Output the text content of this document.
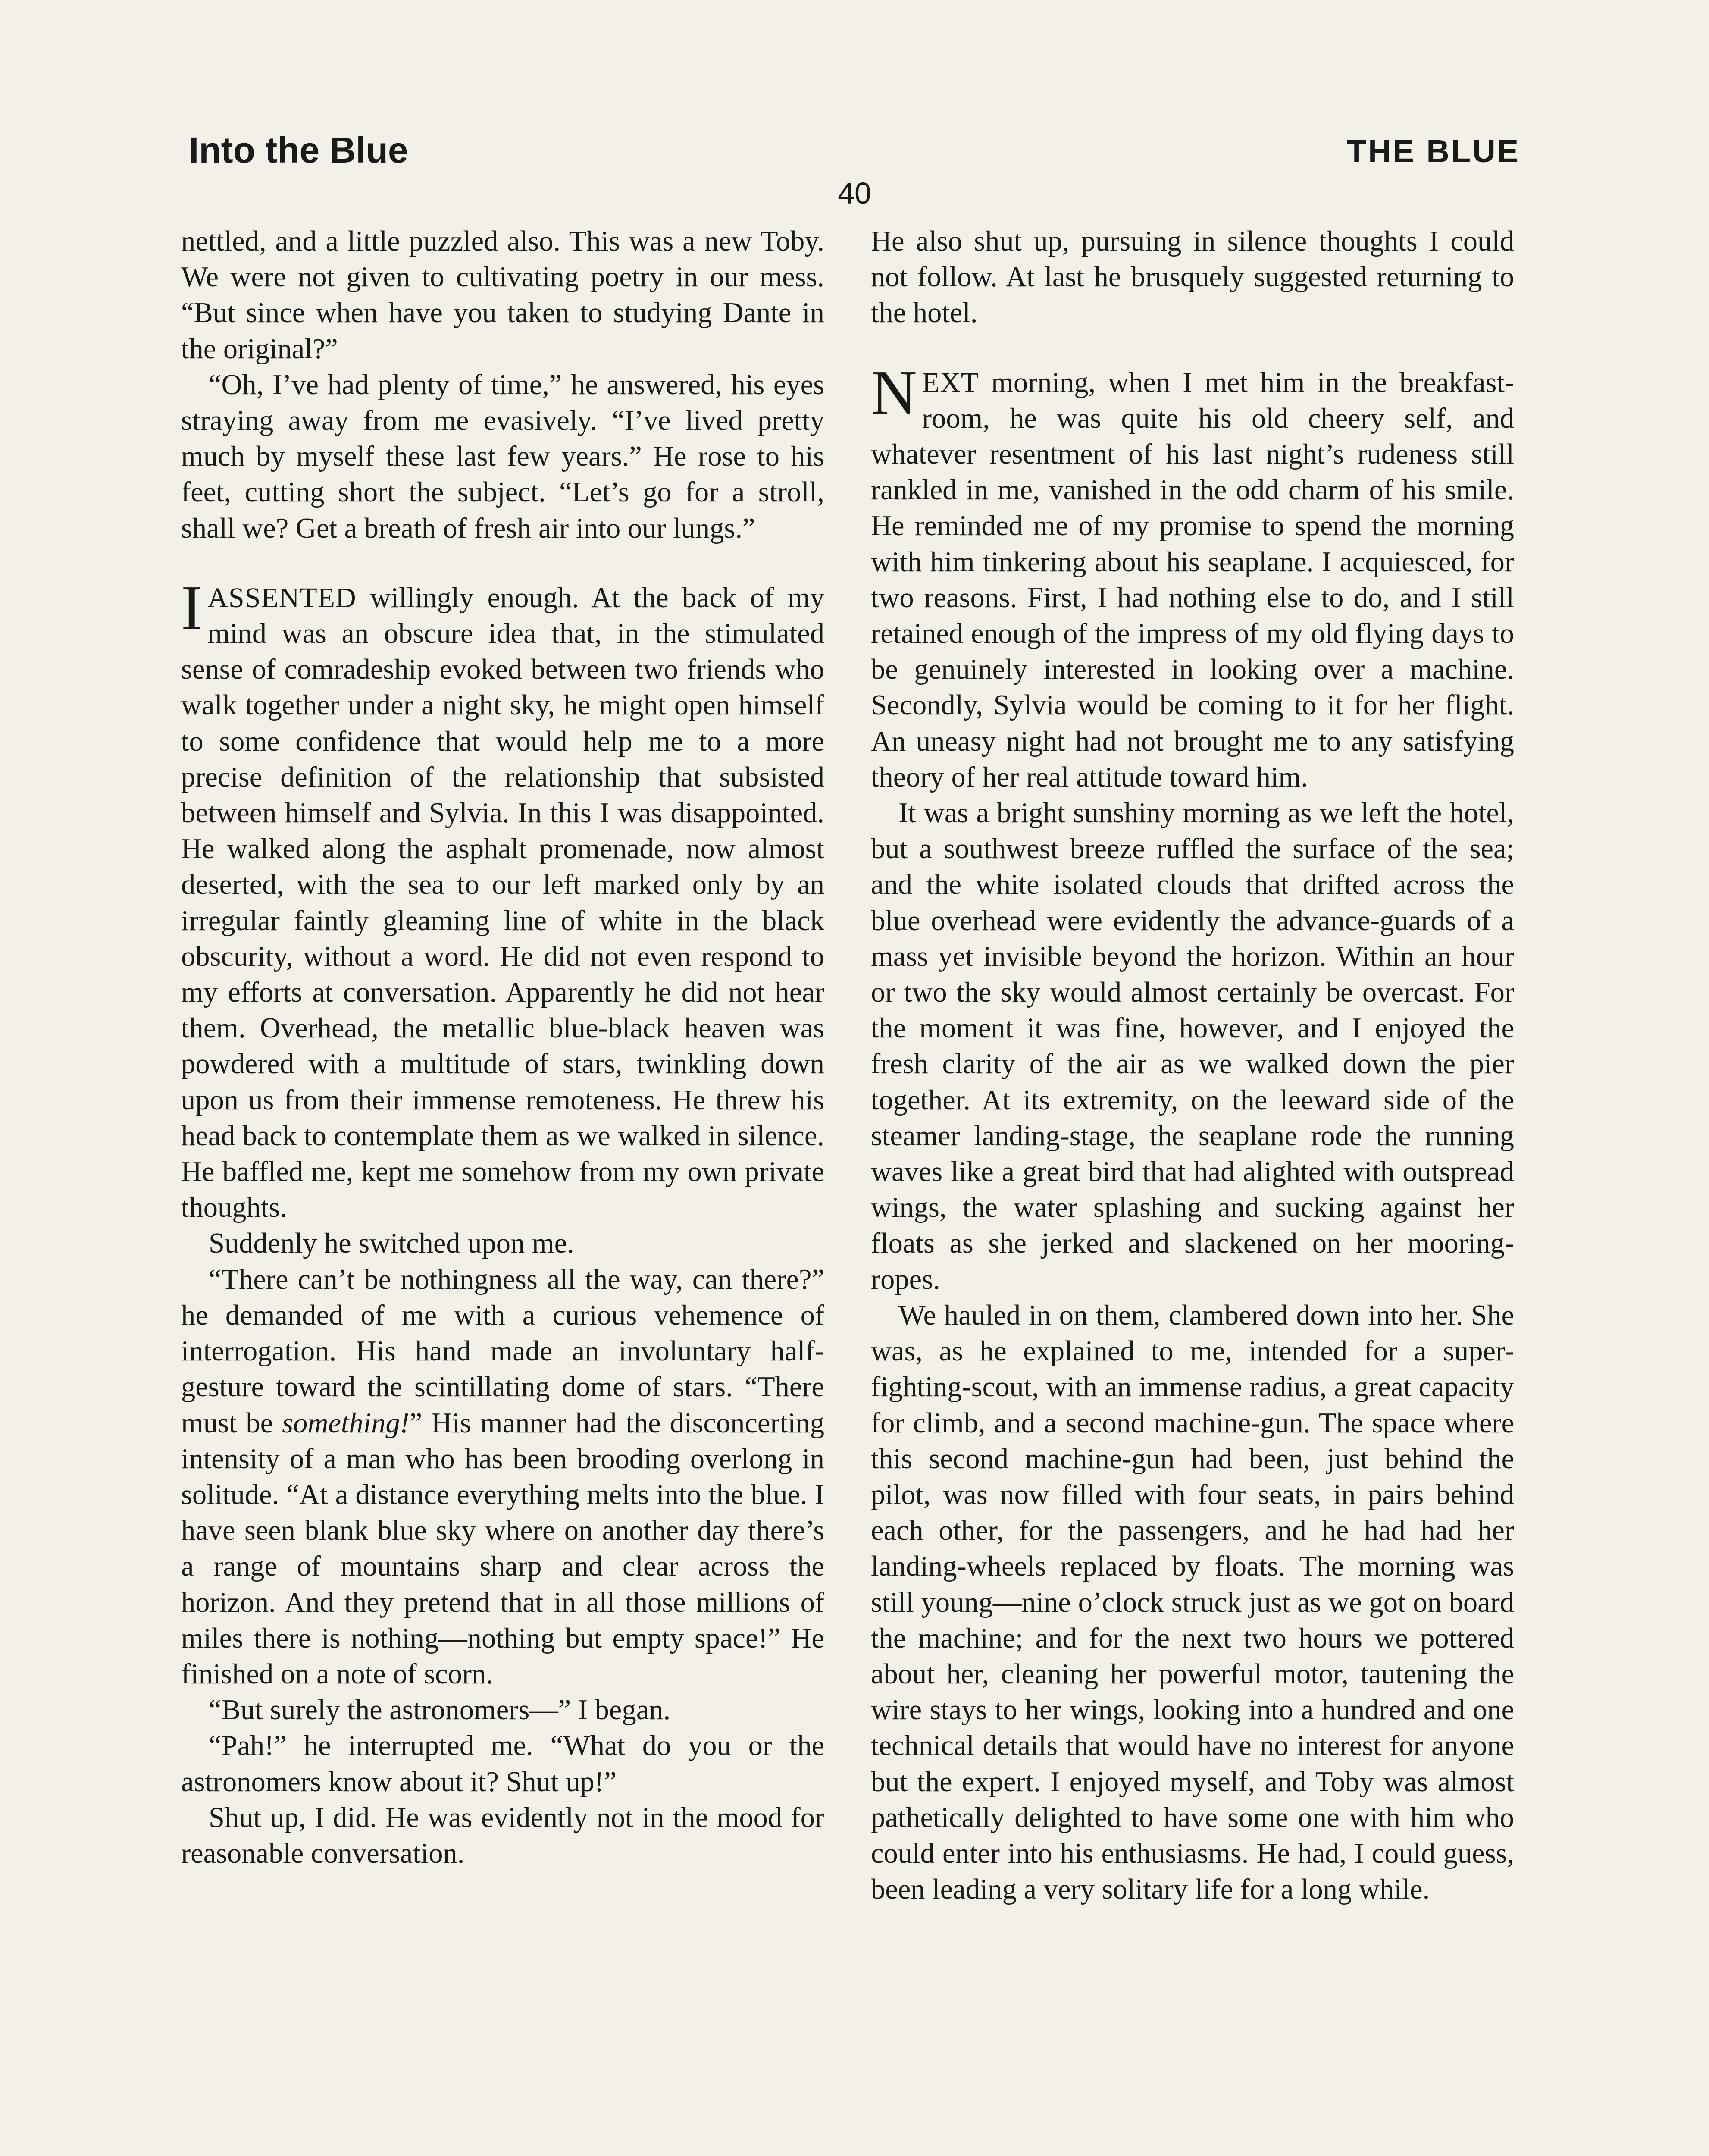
Into the Blue	THE BLUE
40

nettled, and a little puzzled also. This was a new Toby. We were not given to cultivating poetry in our mess. “But since when have you taken to studying Dante in the original?”

“Oh, I’ve had plenty of time,” he answered, his eyes straying away from me evasively. “I’ve lived pretty much by myself these last few years.” He rose to his feet, cutting short the subject. “Let’s go for a stroll, shall we? Get a breath of fresh air into our lungs.”

IASSENTED willingly enough. At the back of my mind was an obscure idea that, in the stimulated sense of comradeship evoked between two friends who walk together under a night sky, he might open himself to some confidence that would help me to a more precise definition of the relationship that subsisted between himself and Sylvia. In this I was disappointed. He walked along the asphalt promenade, now almost deserted, with the sea to our left marked only by an irregular faintly gleaming line of white in the black obscurity, without a word. He did not even respond to my efforts at conversation. Apparently he did not hear them. Overhead, the metallic blue-black heaven was powdered with a multitude of stars, twinkling down upon us from their immense remoteness. He threw his head back to contemplate them as we walked in silence. He baffled me, kept me somehow from my own private thoughts.

Suddenly he switched upon me.

“There can’t be nothingness all the way, can there?” he demanded of me with a curious vehemence of interrogation. His hand made an involuntary half-gesture toward the scintillating dome of stars. “There must be something!” His manner had the disconcerting intensity of a man who has been brooding overlong in solitude. “At a distance everything melts into the blue. I have seen blank blue sky where on another day there’s a range of mountains sharp and clear across the horizon. And they pretend that in all those millions of miles there is nothing—nothing but empty space!” He finished on a note of scorn.

“But surely the astronomers—” I began.

“Pah!” he interrupted me. “What do you or the astronomers know about it? Shut up!”

Shut up, I did. He was evidently not in the mood for reasonable conversation.

He also shut up, pursuing in silence thoughts I could not follow. At last he brusquely suggested returning to the hotel.

NEXT morning, when I met him in the breakfast-room, he was quite his old cheery self, and whatever resentment of his last night’s rudeness still rankled in me, vanished in the odd charm of his smile. He reminded me of my promise to spend the morning with him tinkering about his seaplane. I acquiesced, for two reasons. First, I had nothing else to do, and I still retained enough of the impress of my old flying days to be genuinely interested in looking over a machine. Secondly, Sylvia would be coming to it for her flight. An uneasy night had not brought me to any satisfying theory of her real attitude toward him.

It was a bright sunshiny morning as we left the hotel, but a southwest breeze ruffled the surface of the sea; and the white isolated clouds that drifted across the blue overhead were evidently the advance-guards of a mass yet invisible beyond the horizon. Within an hour or two the sky would almost certainly be overcast. For the moment it was fine, however, and I enjoyed the fresh clarity of the air as we walked down the pier together. At its extremity, on the leeward side of the steamer landing-stage, the seaplane rode the running waves like a great bird that had alighted with outspread wings, the water splashing and sucking against her floats as she jerked and slackened on her mooring-ropes.

We hauled in on them, clambered down into her. She was, as he explained to me, intended for a super-fighting-scout, with an immense radius, a great capacity for climb, and a second machine-gun. The space where this second machine-gun had been, just behind the pilot, was now filled with four seats, in pairs behind each other, for the passengers, and he had had her landing-wheels replaced by floats. The morning was still young—nine o’clock struck just as we got on board the machine; and for the next two hours we pottered about her, cleaning her powerful motor, tautening the wire stays to her wings, looking into a hundred and one technical details that would have no interest for anyone but the expert. I enjoyed myself, and Toby was almost pathetically delighted to have some one with him who could enter into his enthusiasms. He had, I could guess, been leading a very solitary life for a long while.
